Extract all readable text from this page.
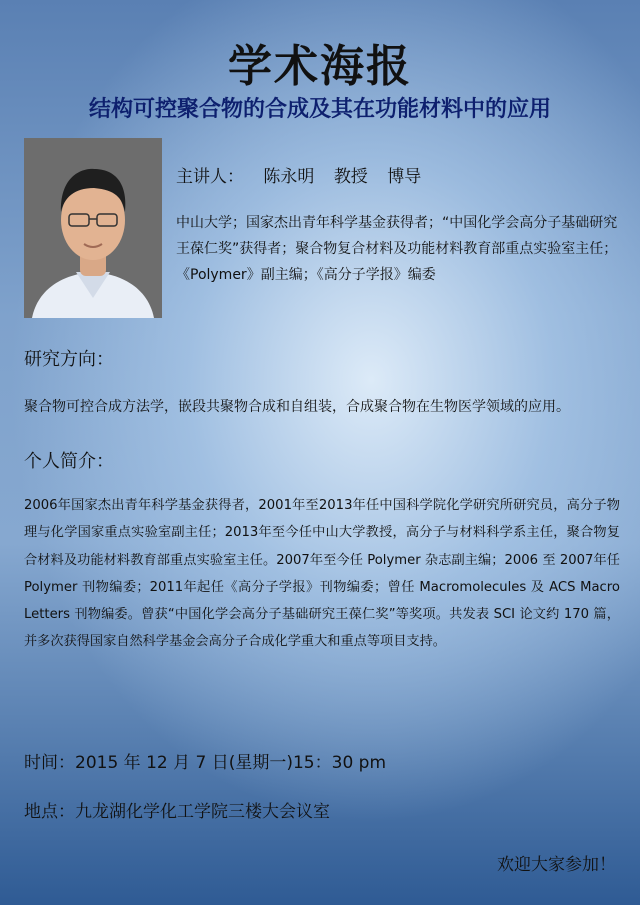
学术海报
结构可控聚合物的合成及其在功能材料中的应用
主讲人： 陈永明 教授 博导
中山大学；国家杰出青年科学基金获得者；“中国化学会高分子基础研究王葆仁奖”获得者；聚合物复合材料及功能材料教育部重点实验室主任；《Polymer》副主编；《高分子学报》编委
研究方向：
聚合物可控合成方法学，嵌段共聚物合成和自组装，合成聚合物在生物医学领域的应用。
个人简介：
2006年国家杰出青年科学基金获得者，2001年至2013年任中国科学院化学研究所研究员，高分子物理与化学国家重点实验室副主任；2013年至今任中山大学教授，高分子与材料科学系主任，聚合物复合材料及功能材料教育部重点实验室主任。2007年至今任 Polymer 杂志副主编；2006 至 2007年任 Polymer 刊物编委；2011年起任《高分子学报》刊物编委；曾任 Macromolecules 及 ACS Macro Letters 刊物编委。曾获“中国化学会高分子基础研究王葆仁奖”等奖项。共发表 SCI 论文约 170 篇，并多次获得国家自然科学基金会高分子合成化学重大和重点等项目支持。
时间：2015 年 12 月 7 日(星期一)15：30 pm
地点：九龙湖化学化工学院三楼大会议室
欢迎大家参加！
